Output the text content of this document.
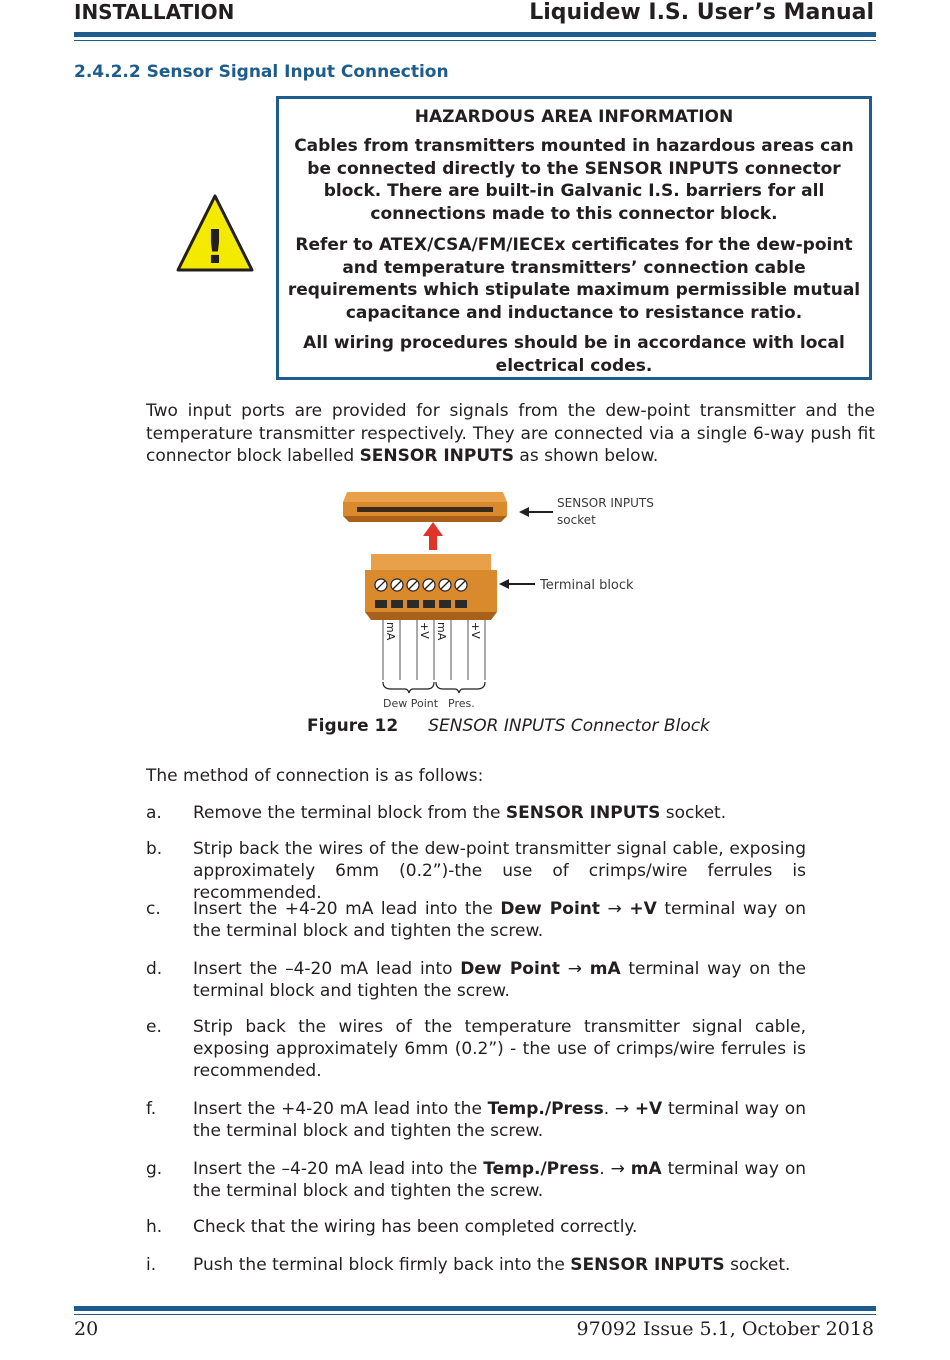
INSTALLATION	Liquidew I.S. User’s Manual
2.4.2.2 Sensor Signal Input Connection
!
HAZARDOUS AREA INFORMATION
Cables from transmitters mounted in hazardous areas can be connected directly to the SENSOR INPUTS connector block. There are built-in Galvanic I.S. barriers for all connections made to this connector block.
Refer to ATEX/CSA/FM/IECEx certificates for the dew-point and temperature transmitters’ connection cable requirements which stipulate maximum permissible mutual capacitance and inductance to resistance ratio.
All wiring procedures should be in accordance with local electrical codes.
Two input ports are provided for signals from the dew-point transmitter and the temperature transmitter respectively. They are connected via a single 6-way push fit connector block labelled SENSOR INPUTS as shown below.
SENSOR INPUTS
socket
Terminal block
mA +V mA +V
Dew Point Pres.
Figure 12 SENSOR INPUTS Connector Block
The method of connection is as follows:
a.	Remove the terminal block from the SENSOR INPUTS socket.
b.	Strip back the wires of the dew-point transmitter signal cable, exposing approximately 6mm (0.2”)-the use of crimps/wire ferrules is recommended.
c.	Insert the +4-20 mA lead into the Dew Point → +V terminal way on the terminal block and tighten the screw.
d.	Insert the –4-20 mA lead into Dew Point → mA terminal way on the terminal block and tighten the screw.
e.	Strip back the wires of the temperature transmitter signal cable, exposing approximately 6mm (0.2”) - the use of crimps/wire ferrules is recommended.
f.	Insert the +4-20 mA lead into the Temp./Press. → +V terminal way on the terminal block and tighten the screw.
g.	Insert the –4-20 mA lead into the Temp./Press. → mA terminal way on the terminal block and tighten the screw.
h.	Check that the wiring has been completed correctly.
i.	Push the terminal block firmly back into the SENSOR INPUTS socket.
20	97092 Issue 5.1, October 2018
